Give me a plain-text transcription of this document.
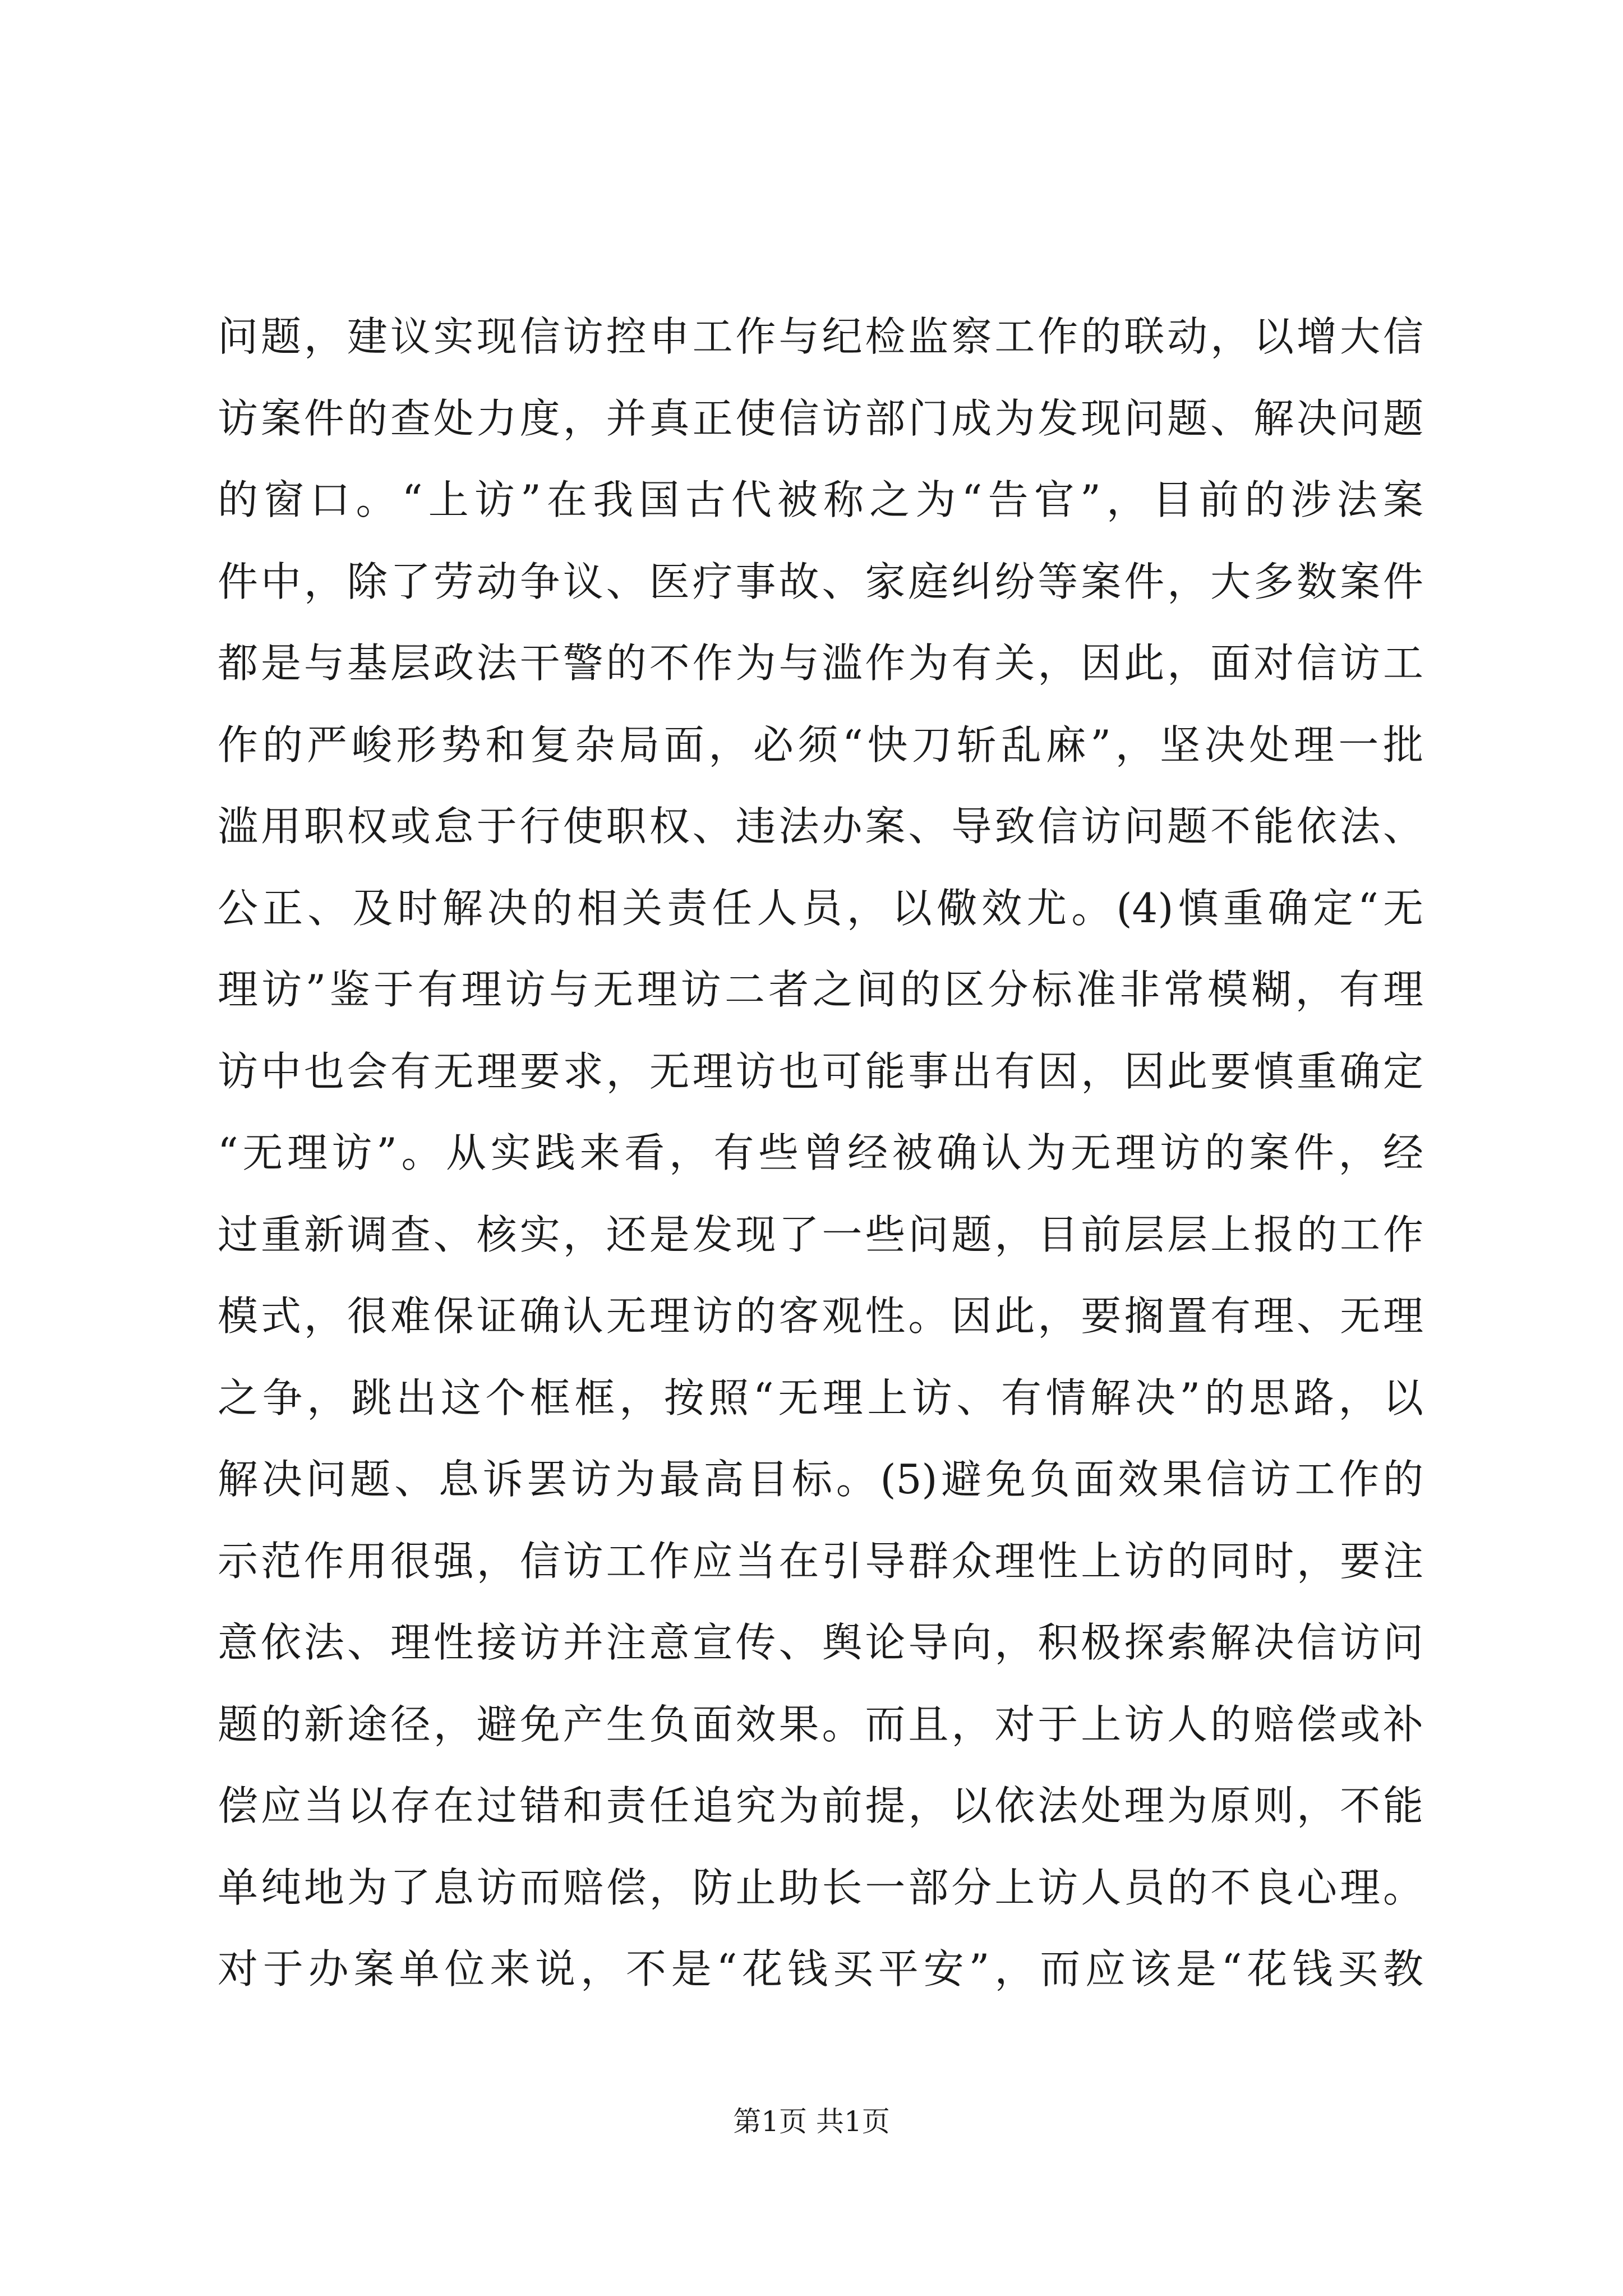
问题，建议实现信访控申工作与纪检监察工作的联动，以增大信
访案件的查处力度，并真正使信访部门成为发现问题、解决问题
的窗口。“上访”在我国古代被称之为“告官”，目前的涉法案
件中，除了劳动争议、医疗事故、家庭纠纷等案件，大多数案件
都是与基层政法干警的不作为与滥作为有关，因此，面对信访工
作的严峻形势和复杂局面，必须“快刀斩乱麻”，坚决处理一批
滥用职权或怠于行使职权、违法办案、导致信访问题不能依法、
公正、及时解决的相关责任人员，以儆效尤。(4)慎重确定“无
理访”鉴于有理访与无理访二者之间的区分标准非常模糊，有理
访中也会有无理要求，无理访也可能事出有因，因此要慎重确定
“无理访”。从实践来看，有些曾经被确认为无理访的案件，经
过重新调查、核实，还是发现了一些问题，目前层层上报的工作
模式，很难保证确认无理访的客观性。因此，要搁置有理、无理
之争，跳出这个框框，按照“无理上访、有情解决”的思路，以
解决问题、息诉罢访为最高目标。(5)避免负面效果信访工作的
示范作用很强，信访工作应当在引导群众理性上访的同时，要注
意依法、理性接访并注意宣传、舆论导向，积极探索解决信访问
题的新途径，避免产生负面效果。而且，对于上访人的赔偿或补
偿应当以存在过错和责任追究为前提，以依法处理为原则，不能
单纯地为了息访而赔偿，防止助长一部分上访人员的不良心理。
对于办案单位来说，不是“花钱买平安”，而应该是“花钱买教
第1页 共1页
